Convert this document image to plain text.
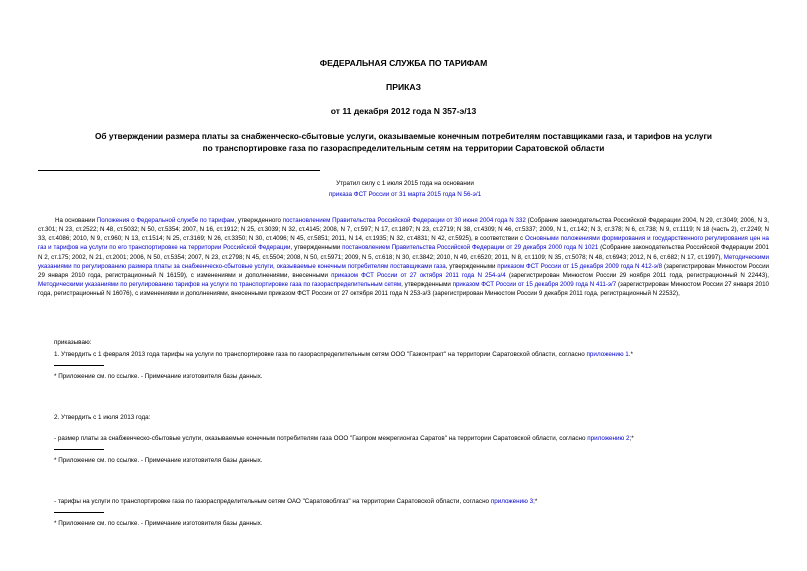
ФЕДЕРАЛЬНАЯ СЛУЖБА ПО ТАРИФАМ
ПРИКАЗ
от 11 декабря 2012 года N 357-э/13
Об утверждении размера платы за снабженческо-сбытовые услуги, оказываемые конечным потребителям поставщиками газа, и тарифов на услуги по транспортировке газа по газораспределительным сетям на территории Саратовской области
Утратил силу с 1 июля 2015 года на основании
приказа ФСТ России от 31 марта 2015 года N 56-э/1
На основании Положения о Федеральной службе по тарифам, утвержденного постановлением Правительства Российской Федерации от 30 июня 2004 года N 332 (Собрание законодательства Российской Федерации 2004, N 29, ст.3049; 2006, N 3, ст.301; N 23, ст.2522; N 48, ст.5032; N 50, ст.5354; 2007, N 16, ст.1912; N 25, ст.3039; N 32, ст.4145; 2008, N 7, ст.597; N 17, ст.1897; N 23, ст.2719; N 38, ст.4309; N 46, ст.5337; 2009, N 1, ст.142; N 3, ст.378; N 6, ст.738; N 9, ст.1119; N 18 (часть 2), ст.2249; N 33, ст.4086; 2010, N 9, ст.960; N 13, ст.1514; N 25, ст.3169; N 26, ст.3350; N 30, ст.4096; N 45, ст.5851; 2011, N 14, ст.1935; N 32, ст.4831; N 42, ст.5925), в соответствии с Основными положениями формирования и государственного регулирования цен на газ и тарифов на услуги по его транспортировке на территории Российской Федерации, утвержденными постановлением Правительства Российской Федерации от 29 декабря 2000 года N 1021 (Собрание законодательства Российской Федерации 2001 N 2, ст.175; 2002, N 21, ст.2001; 2006, N 50, ст.5354; 2007, N 23, ст.2798; N 45, ст.5504; 2008, N 50, ст.5971; 2009, N 5, ст.618; N 30, ст.3842; 2010, N 49, ст.6520; 2011, N 8, ст.1109; N 35, ст.5078; N 48, ст.6943; 2012, N 6, ст.682; N 17, ст.1997), Методическими указаниями по регулированию размера платы за снабженческо-сбытовые услуги, оказываемые конечным потребителям поставщиками газа, утвержденными приказом ФСТ России от 15 декабря 2009 года N 412-э/8 (зарегистрирован Минюстом России 29 января 2010 года, регистрационный N 16159), с изменениями и дополнениями, внесенными приказом ФСТ России от 27 октября 2011 года N 254-э/4 (зарегистрирован Минюстом России 29 ноября 2011 года, регистрационный N 22443), Методическими указаниями по регулированию тарифов на услуги по транспортировке газа по газораспределительным сетям, утвержденными приказом ФСТ России от 15 декабря 2009 года N 411-э/7 (зарегистрирован Минюстом России 27 января 2010 года, регистрационный N 16076), с изменениями и дополнениями, внесенными приказом ФСТ России от 27 октября 2011 года N 253-э/3 (зарегистрирован Минюстом России 9 декабря 2011 года, регистрационный N 22532),
приказываю:
1. Утвердить с 1 февраля 2013 года тарифы на услуги по транспортировке газа по газораспределительным сетям ООО "Газконтракт" на территории Саратовской области, согласно приложению 1.*
* Приложение см. по ссылке. - Примечание изготовителя базы данных.
2. Утвердить с 1 июля 2013 года:
- размер платы за снабженческо-сбытовые услуги, оказываемые конечным потребителям газа ООО "Газпром межрегионгаз Саратов" на территории Саратовской области, согласно приложению 2;*
* Приложение см. по ссылке. - Примечание изготовителя базы данных.
- тарифы на услуги по транспортировке газа по газораспределительным сетям ОАО "Саратовоблгаз" на территории Саратовской области, согласно приложению 3;*
* Приложение см. по ссылке. - Примечание изготовителя базы данных.
